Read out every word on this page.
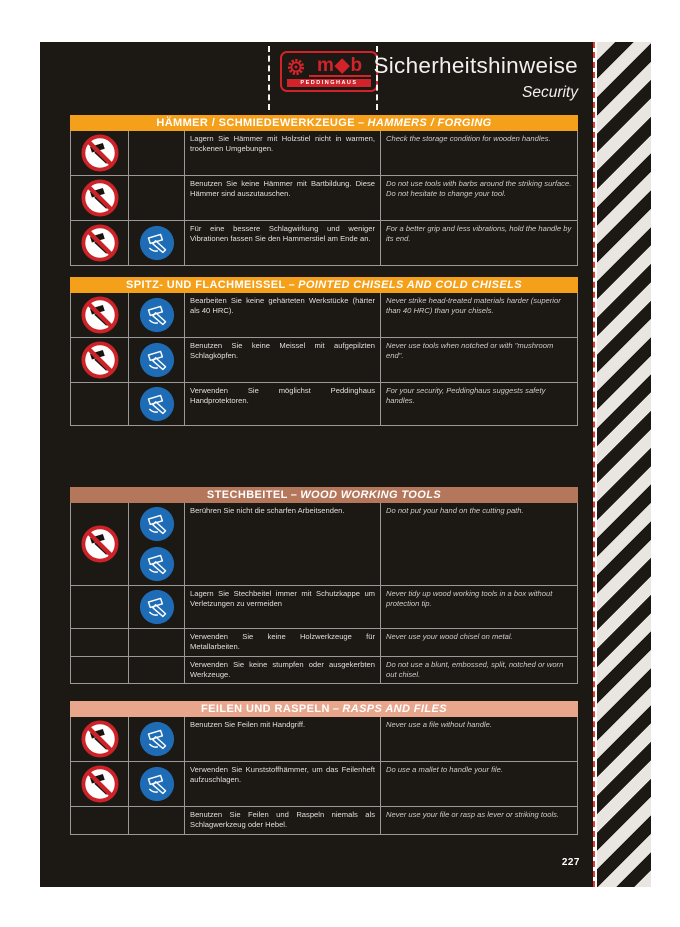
m◆b
PEDDINGHAUS
Sicherheitshinweise
Security
HÄMMER / SCHMIEDEWERKZEUGE – HAMMERS / FORGING
Lagern Sie Hämmer mit Holzstiel nicht in warmen, trockenen Umgebungen.
Check the storage condition for wooden handles.
Benutzen Sie keine Hämmer mit Bartbildung. Diese Hämmer sind auszutauschen.
Do not use tools with barbs around the striking surface. Do not hesitate to change your tool.
Für eine bessere Schlagwirkung und weniger Vibrationen fassen Sie den Hammerstiel am Ende an.
For a better grip and less vibrations, hold the handle by its end.
SPITZ- UND FLACHMEISSEL – POINTED CHISELS AND COLD CHISELS
Bearbeiten Sie keine gehärteten Werkstücke (härter als 40 HRC).
Never strike head-treated materials harder (superior than 40 HRC) than your chisels.
Benutzen Sie keine Meissel mit aufgepilzten Schlagköpfen.
Never use tools when notched or with "mushroom end".
Verwenden Sie möglichst Peddinghaus Handprotektoren.
For your security, Peddinghaus suggests safety handles.
STECHBEITEL – WOOD WORKING TOOLS
Berühren Sie nicht die scharfen Arbeitsenden.	Do not put your hand on the cutting path.
Lagern Sie Stechbeitel immer mit Schutzkappe um Verletzungen zu vermeiden
Never tidy up wood working tools in a box without protection tip.
Verwenden Sie keine Holzwerkzeuge für Metallarbeiten.
Never use your wood chisel on metal.
Verwenden Sie keine stumpfen oder ausgekerbten Werkzeuge.
Do not use a blunt, embossed, split, notched or worn out chisel.
FEILEN UND RASPELN – RASPS AND FILES
Benutzen Sie Feilen mit Handgriff.	Never use a file without handle.
Verwenden Sie Kunststoffhämmer, um das Feilenheft aufzuschlagen.
Do use a mallet to handle your file.
Benutzen Sie Feilen und Raspeln niemals als Schlagwerkzeug oder Hebel.
Never use your file or rasp as lever or striking tools.
227
